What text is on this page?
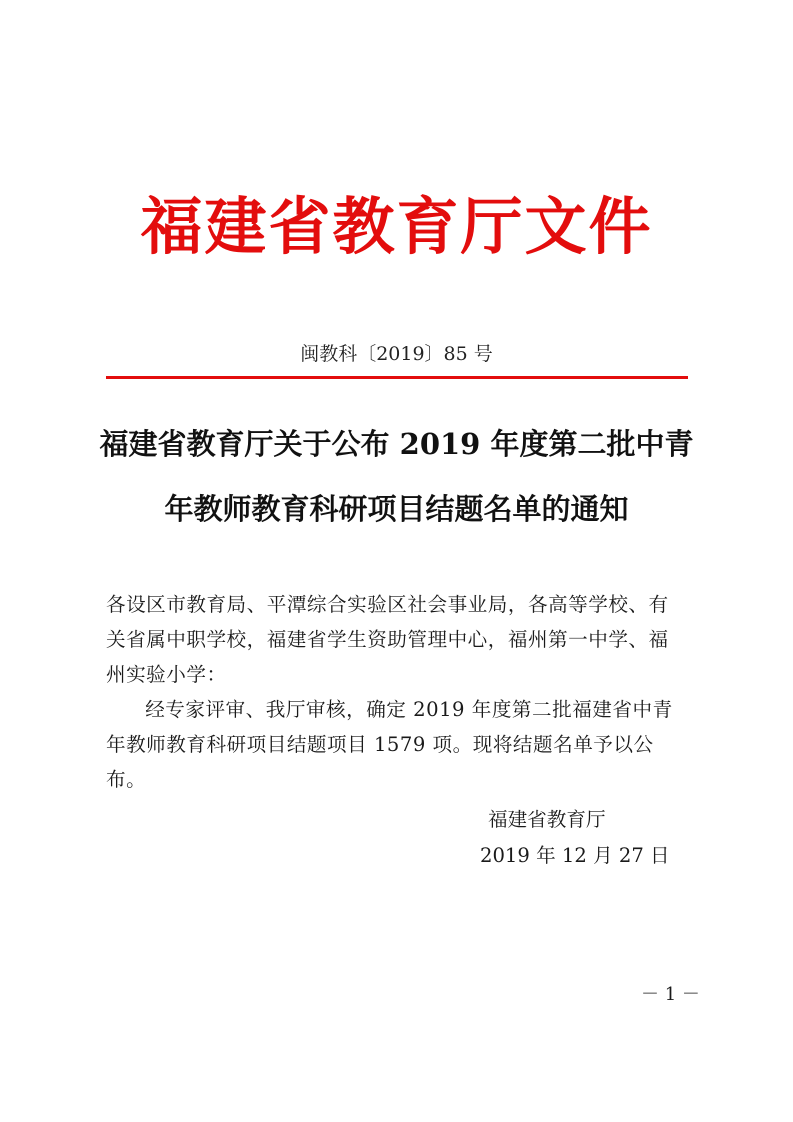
福建省教育厅文件
闽教科〔2019〕85 号
福建省教育厅关于公布 2019 年度第二批中青
年教师教育科研项目结题名单的通知

各设区市教育局、平潭综合实验区社会事业局，各高等学校、有关省属中职学校，福建省学生资助管理中心，福州第一中学、福州实验小学：

经专家评审、我厅审核，确定 2019 年度第二批福建省中青年教师教育科研项目结题项目 1579 项。现将结题名单予以公布。

福建省教育厅
2019 年 12 月 27 日
－ 1 －
